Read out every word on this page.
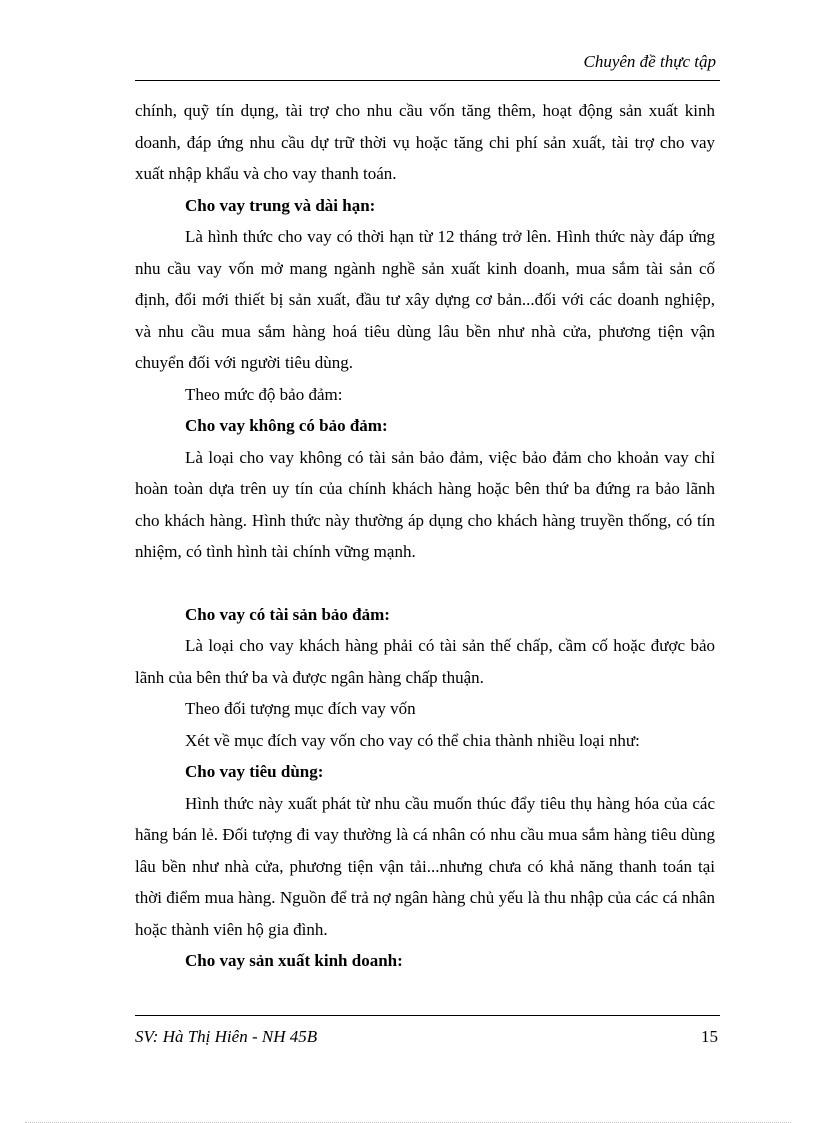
Chuyên đề thực tập

chính, quỹ tín dụng, tài trợ cho nhu cầu vốn tăng thêm, hoạt động sản xuất kinh doanh, đáp ứng nhu cầu dự trữ thời vụ hoặc tăng chi phí sản xuất, tài trợ cho vay xuất nhập khẩu và cho vay thanh toán.

Cho vay trung và dài hạn:

Là hình thức cho vay có thời hạn từ 12 tháng trở lên. Hình thức này đáp ứng nhu cầu vay vốn mở mang ngành nghề sản xuất kinh doanh, mua sắm tài sản cố định, đổi mới thiết bị sản xuất, đầu tư xây dựng cơ bản...đối với các doanh nghiệp, và nhu cầu mua sắm hàng hoá tiêu dùng lâu bền như nhà cửa, phương tiện vận chuyển đối với người tiêu dùng.

Theo mức độ bảo đảm:

Cho vay không có bảo đảm:

Là loại cho vay không có tài sản bảo đảm, việc bảo đảm cho khoản vay chỉ hoàn toàn dựa trên uy tín của chính khách hàng hoặc bên thứ ba đứng ra bảo lãnh cho khách hàng. Hình thức này thường áp dụng cho khách hàng truyền thống, có tín nhiệm, có tình hình tài chính vững mạnh.

Cho vay có tài sản bảo đảm:

Là loại cho vay khách hàng phải có tài sản thế chấp, cầm cố hoặc được bảo lãnh của bên thứ ba và được ngân hàng chấp thuận.

Theo đối tượng mục đích vay vốn

Xét về mục đích vay vốn cho vay có thể chia thành nhiều loại như:

Cho vay tiêu dùng:

Hình thức này xuất phát từ nhu cầu muốn thúc đẩy tiêu thụ hàng hóa của các hãng bán lẻ. Đối tượng đi vay thường là cá nhân có nhu cầu mua sắm hàng tiêu dùng lâu bền như nhà cửa, phương tiện vận tải...nhưng chưa có khả năng thanh toán tại thời điểm mua hàng. Nguồn để trả nợ ngân hàng chủ yếu là thu nhập của các cá nhân hoặc thành viên hộ gia đình.

Cho vay sản xuất kinh doanh:

SV: Hà Thị Hiên - NH 45B	15
